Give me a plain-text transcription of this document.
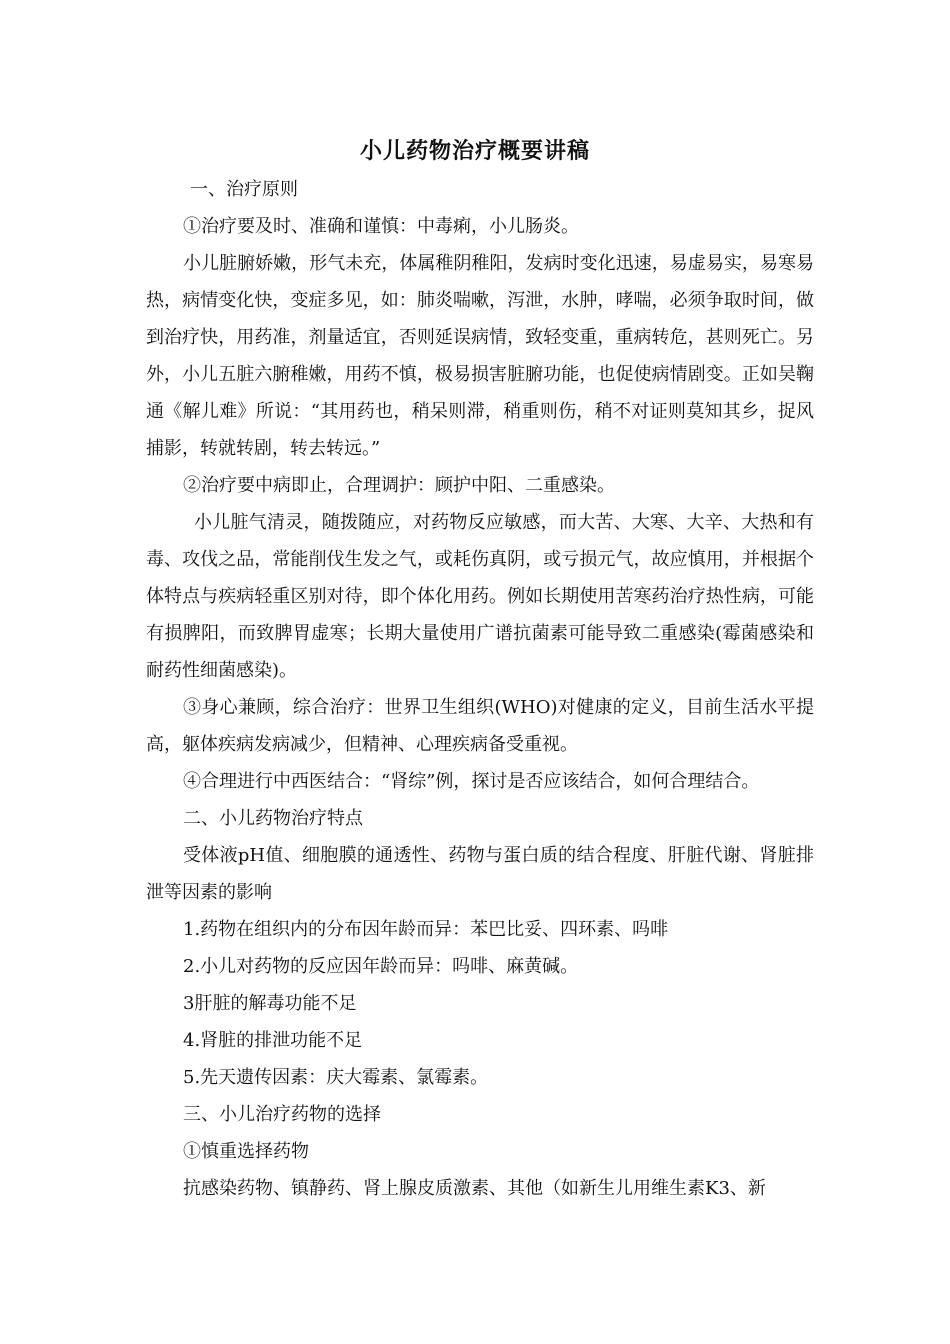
小儿药物治疗概要讲稿

一、治疗原则

①治疗要及时、准确和谨慎：中毒痢，小儿肠炎。

小儿脏腑娇嫩，形气未充，体属稚阴稚阳，发病时变化迅速，易虚易实，易寒易热，病情变化快，变症多见，如：肺炎喘嗽，泻泄，水肿，哮喘，必须争取时间，做到治疗快，用药准，剂量适宜，否则延误病情，致轻变重，重病转危，甚则死亡。另外，小儿五脏六腑稚嫩，用药不慎，极易损害脏腑功能，也促使病情剧变。正如吴鞠通《解儿难》所说：“其用药也，稍呆则滞，稍重则伤，稍不对证则莫知其乡，捉风捕影，转就转剧，转去转远。”

②治疗要中病即止，合理调护：顾护中阳、二重感染。

小儿脏气清灵，随拨随应，对药物反应敏感，而大苦、大寒、大辛、大热和有毒、攻伐之品，常能削伐生发之气，或耗伤真阴，或亏损元气，故应慎用，并根据个体特点与疾病轻重区别对待，即个体化用药。例如长期使用苦寒药治疗热性病，可能有损脾阳，而致脾胃虚寒；长期大量使用广谱抗菌素可能导致二重感染(霉菌感染和耐药性细菌感染)。

③身心兼顾，综合治疗：世界卫生组织(WHO)对健康的定义，目前生活水平提高，躯体疾病发病减少，但精神、心理疾病备受重视。

④合理进行中西医结合：“肾综”例，探讨是否应该结合，如何合理结合。

二、小儿药物治疗特点

受体液pH值、细胞膜的通透性、药物与蛋白质的结合程度、肝脏代谢、肾脏排泄等因素的影响

1.药物在组织内的分布因年龄而异：苯巴比妥、四环素、吗啡

2.小儿对药物的反应因年龄而异：吗啡、麻黄碱。

3肝脏的解毒功能不足

4.肾脏的排泄功能不足

5.先天遗传因素：庆大霉素、氯霉素。

三、小儿治疗药物的选择

①慎重选择药物

抗感染药物、镇静药、肾上腺皮质激素、其他（如新生儿用维生素K3、新
